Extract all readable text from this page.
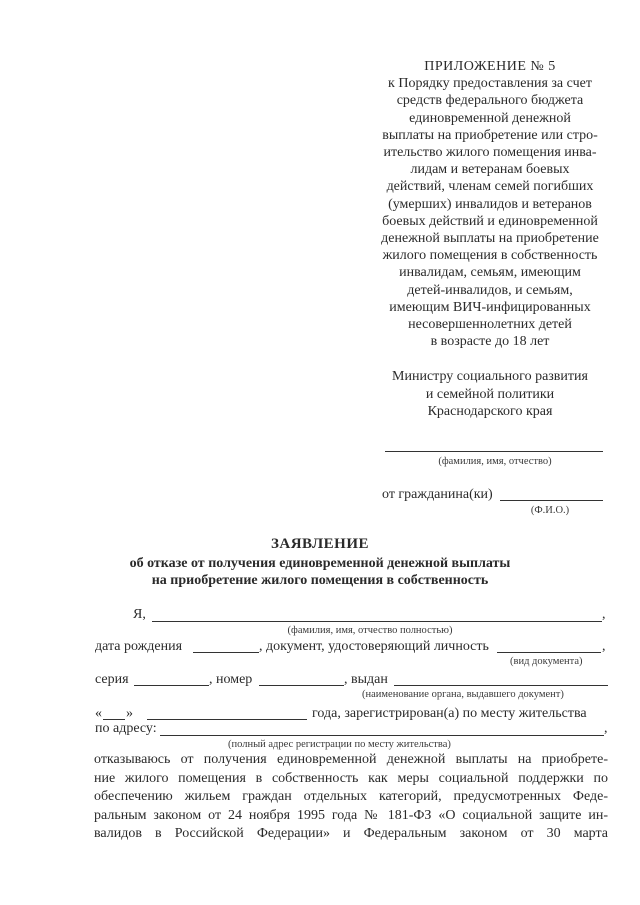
ПРИЛОЖЕНИЕ № 5
к Порядку предоставления за счет
средств федерального бюджета
единовременной денежной
выплаты на приобретение или стро-
ительство жилого помещения инва-
лидам и ветеранам боевых
действий, членам семей погибших
(умерших) инвалидов и ветеранов
боевых действий и единовременной
денежной выплаты на приобретение
жилого помещения в собственность
инвалидам, семьям, имеющим
детей-инвалидов, и семьям,
имеющим ВИЧ-инфицированных
несовершеннолетних детей
в возрасте до 18 лет
Министру социального развития
и семейной политики
Краснодарского края
(фамилия, имя, отчество)
от гражданина(ки)
(Ф.И.О.)
ЗАЯВЛЕНИЕ
об отказе от получения единовременной денежной выплаты
на приобретение жилого помещения в собственность
Я,	,
(фамилия, имя, отчество полностью)
дата рождения	, документ, удостоверяющий личность	,
(вид документа)
серия	, номер	, выдан
(наименование органа, выдавшего документ)
« »	года, зарегистрирован(а) по месту жительства
по адресу:	,
(полный адрес регистрации по месту жительства)
отказываюсь от получения единовременной денежной выплаты на приобрете-
ние жилого помещения в собственность как меры социальной поддержки по
обеспечению жильем граждан отдельных категорий, предусмотренных Феде-
ральным законом от 24 ноября 1995 года № 181-ФЗ «О социальной защите ин-
валидов в Российской Федерации» и Федеральным законом от 30 марта
